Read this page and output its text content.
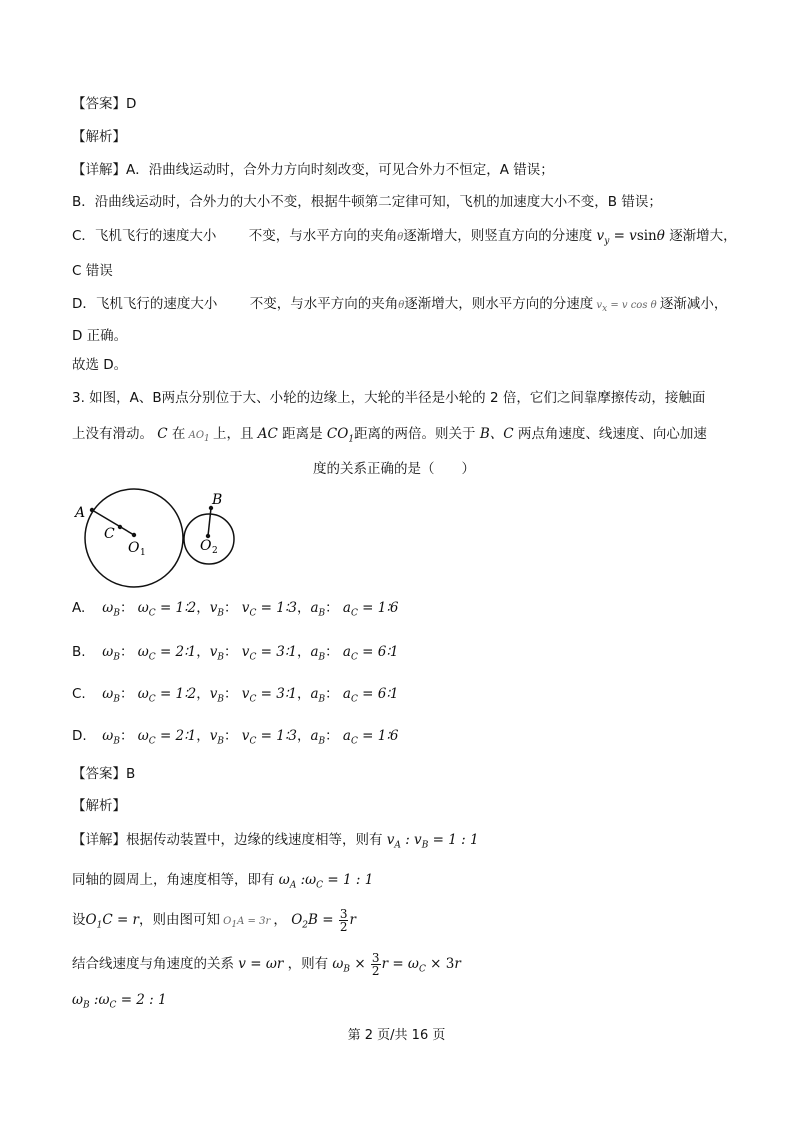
【答案】D
【解析】
【详解】A．沿曲线运动时，合外力方向时刻改变，可见合外力不恒定，A 错误；
B．沿曲线运动时，合外力的大小不变，根据牛顿第二定律可知，飞机的加速度大小不变，B 错误；
C．飞机飞行的速度大小 不变，与水平方向的夹角θ逐渐增大，则竖直方向的分速度 $v_y = vsin\theta$ 逐渐增大，
C 错误
D．飞机飞行的速度大小 不变，与水平方向的夹角θ逐渐增大，则水平方向的分速度 $v_x = v$ cos θ 逐渐减小，
D 正确。
故选 D。
3. 如图，A、B两点分别位于大、小轮的边缘上，大轮的半径是小轮的 2 倍，它们之间靠摩擦传动，接触面
上没有滑动。 C 在 $AO_1$ 上，且 AC 距离是 $CO_1$距离的两倍。则关于 B、C 两点角速度、线速度、向心加速
度的关系正确的是（　　）
A
C
O 1
B
O 2
A. $\omega_B$： $\omega_C$ = 1∶2，$v_B$： $v_C$ = 1∶3，$a_B$： $a_C$ = 1∶6
B. $\omega_B$： $\omega_C$ = 2∶1，$v_B$： $v_C$ = 3∶1，$a_B$： $a_C$ = 6∶1
C. $\omega_B$： $\omega_C$ = 1∶2，$v_B$： $v_C$ = 3∶1，$a_B$： $a_C$ = 6∶1
D. $\omega_B$： $\omega_C$ = 2∶1，$v_B$： $v_C$ = 1∶3，$a_B$： $a_C$ = 1∶6
【答案】B
【解析】
【详解】根据传动装置中，边缘的线速度相等，则有 $v_A$ : $v_B = 1$ : 1
同轴的圆周上，角速度相等，即有 $\omega_A$ $:\omega_C = 1$ : 1
设$O_1C = r$，则由图可知 $O_1A = 3r$ ， $O_2B = \frac{3}{2}$ r
结合线速度与角速度的关系 v = ωr ，则有 $\omega_B \times \frac{3}{2}$ $r = \omega_C \times 3r$
$\omega_B$ $:\omega_C = 2$ : 1
第 2 页/共 16 页
